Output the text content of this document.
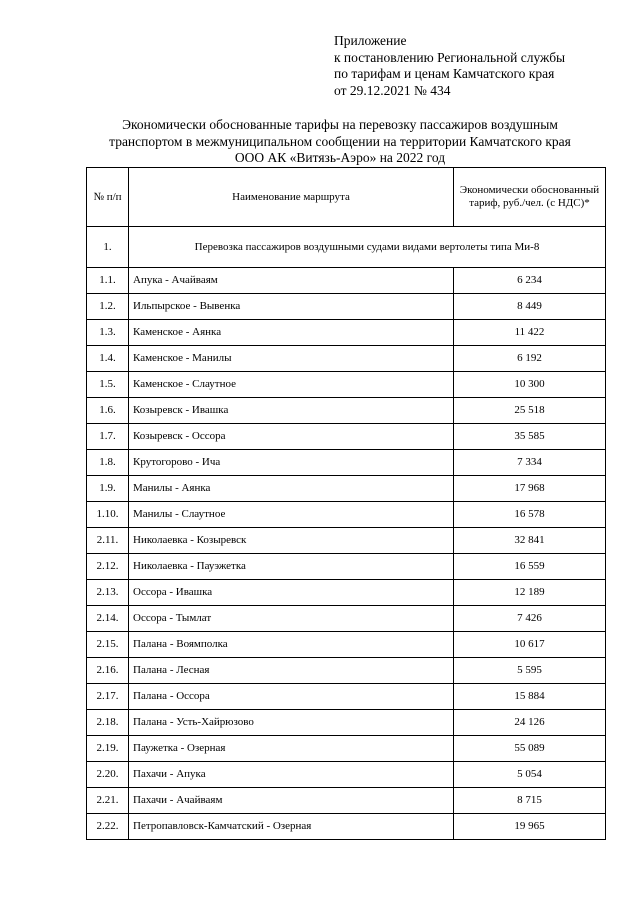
Приложение
к постановлению Региональной службы
по тарифам и ценам Камчатского края
от 29.12.2021 № 434
Экономически обоснованные тарифы на перевозку пассажиров воздушным
транспортом в межмуниципальном сообщении на территории Камчатского края
ООО АК «Витязь-Аэро» на 2022 год
№ п/п	Наименование маршрута	Экономически обоснованный тариф, руб./чел. (с НДС)*
1.	Перевозка пассажиров воздушными судами видами вертолеты типа Ми-8	
1.1.	Апука - Ачайваям	6 234
1.2.	Ильпырское - Вывенка	8 449
1.3.	Каменское - Аянка	11 422
1.4.	Каменское - Манилы	6 192
1.5.	Каменское - Слаутное	10 300
1.6.	Козыревск - Ивашка	25 518
1.7.	Козыревск - Оссора	35 585
1.8.	Крутогорово - Ича	7 334
1.9.	Манилы - Аянка	17 968
1.10.	Манилы - Слаутное	16 578
2.11.	Николаевка - Козыревск	32 841
2.12.	Николаевка - Пауэжетка	16 559
2.13.	Оссора - Ивашка	12 189
2.14.	Оссора - Тымлат	7 426
2.15.	Палана - Воямполка	10 617
2.16.	Палана - Лесная	5 595
2.17.	Палана - Оссора	15 884
2.18.	Палана - Усть-Хайрюзово	24 126
2.19.	Паужетка - Озерная	55 089
2.20.	Пахачи - Апука	5 054
2.21.	Пахачи - Ачайваям	8 715
2.22.	Петропавловск-Камчатский - Озерная	19 965
